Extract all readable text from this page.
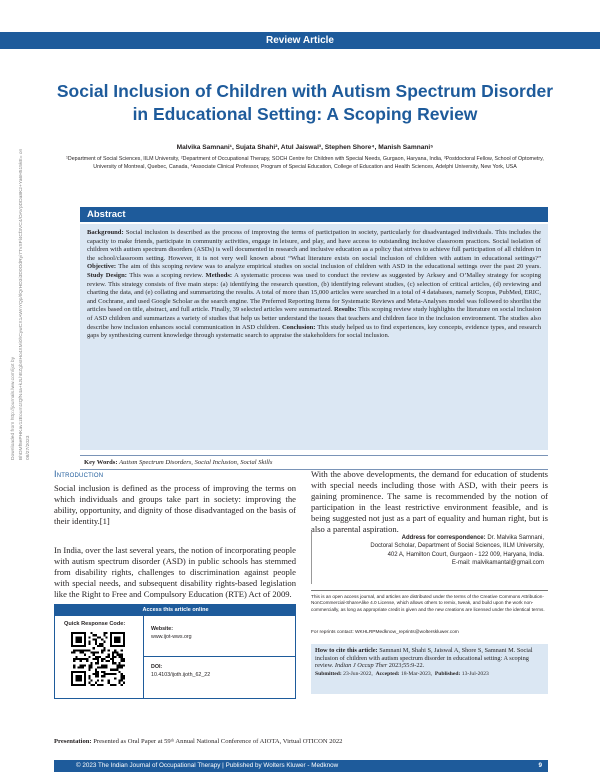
Review Article
Downloaded from http://journals.lww.com/ijot by BhDMf5ePHKav1zEoum1tQfN4a+kJLhEZgbsIHo4XMi0hCywCX1AWnYQp/IlQrHD3i3D0OdRyi7TvSFl4Cf3VC4/OAVpDDa8K2+Ya6H515kE= on 08/27/2023
Social Inclusion of Children with Autism Spectrum Disorder in Educational Setting: A Scoping Review
Malvika Samnani¹, Sujata Shahi², Atul Jaiswal³, Stephen Shore⁴, Manish Samnani⁵
¹Department of Social Sciences, IILM University, ²Department of Occupational Therapy, SOCH Centre for Children with Special Needs, Gurgaon, Haryana, India, ³Postdoctoral Fellow, School of Optometry, University of Montreal, Quebec, Canada, ⁴Associate Clinical Professor, Program of Special Education, College of Education and Health Sciences, Adelphi University, New York, USA
Abstract
Background: Social inclusion is described as the process of improving the terms of participation in society, particularly for disadvantaged individuals. This includes the capacity to make friends, participate in community activities, engage in leisure, and play, and have access to outstanding inclusive classroom practices. Social isolation of children with autism spectrum disorders (ASDs) is well documented in research and inclusive education as a policy that strives to achieve full participation of all children in the school/classroom setting. However, it is not very well known about “What literature exists on social inclusion of children with autism in educational settings?” Objective: The aim of this scoping review was to analyze empirical studies on social inclusion of children with ASD in the educational settings over the past 20 years. Study Design: This was a scoping review. Methods: A systematic process was used to conduct the review as suggested by Arksey and O’Malley strategy for scoping review. This strategy consists of five main steps: (a) identifying the research question, (b) identifying relevant studies, (c) selection of critical articles, (d) reviewing and charting the data, and (e) collating and summarizing the results. A total of more than 15,000 articles were searched in a total of 4 databases, namely Scopus, PubMed, ERIC, and Cochrane, and used Google Scholar as the search engine. The Preferred Reporting Items for Systematic Reviews and Meta-Analyses model was followed to shortlist the articles based on title, abstract, and full article. Finally, 39 selected articles were summarized. Results: This scoping review study highlights the literature on social inclusion of ASD children and summarizes a variety of studies that help us better understand the issues that teachers and children face in the inclusion environment. The studies also describe how inclusion enhances social communication in ASD children. Conclusion: This study helped us to find experiences, key concepts, evidence types, and research gaps by synthesizing current knowledge through systematic search to appraise the stakeholders for social inclusion.
Key Words: Autism Spectrum Disorders, Social Inclusion, Social Skills
Introduction

Social inclusion is defined as the process of improving the terms on which individuals and groups take part in society: improving the ability, opportunity, and dignity of those disadvantaged on the basis of their identity.[1]

In India, over the last several years, the notion of incorporating people with autism spectrum disorder (ASD) in public schools has stemmed from disability rights, challenges to discrimination against people with special needs, and subsequent disability rights-based legislation like the Right to Free and Compulsory Education (RTE) Act of 2009.

With the above developments, the demand for education of students with special needs including those with ASD, with their peers is gaining prominence. The same is recommended by the notion of participation in the least restrictive environment feasible, and is being suggested not just as a part of equality and human right, but is also a parental aspiration.

Address for correspondence: Dr. Malvika Samnani,
Doctoral Scholar, Department of Social Sciences, IILM University,
402 A, Hamilton Court, Gurgaon - 122 009, Haryana, India.
E-mail: malvikamantal@gmail.com
This is an open access journal, and articles are distributed under the terms of the Creative Commons Attribution-NonCommercial-ShareAlike 4.0 License, which allows others to remix, tweak, and build upon the work non-commercially, as long as appropriate credit is given and the new creations are licensed under the identical terms.
For reprints contact: WKHLRPMedknow_reprints@wolterskluwer.com
How to cite this article: Samnani M, Shahi S, Jaiswal A, Shore S, Samnani M. Social inclusion of children with autism spectrum disorder in educational setting: A scoping review. Indian J Occup Ther 2023;55:9-22.
Submitted: 23-Jun-2022, Accepted: 18-Mar-2023, Published: 13-Jul-2023
Access this article online
Quick Response Code:
Website:
www.ijot-wws.org
DOI:
10.4103/ijoth.ijoth_62_22
Presentation: Presented as Oral Paper at 59ᵗʰ Annual National Conference of AIOTA, Virtual OTICON 2022
© 2023 The Indian Journal of Occupational Therapy | Published by Wolters Kluwer - Medknow	9
